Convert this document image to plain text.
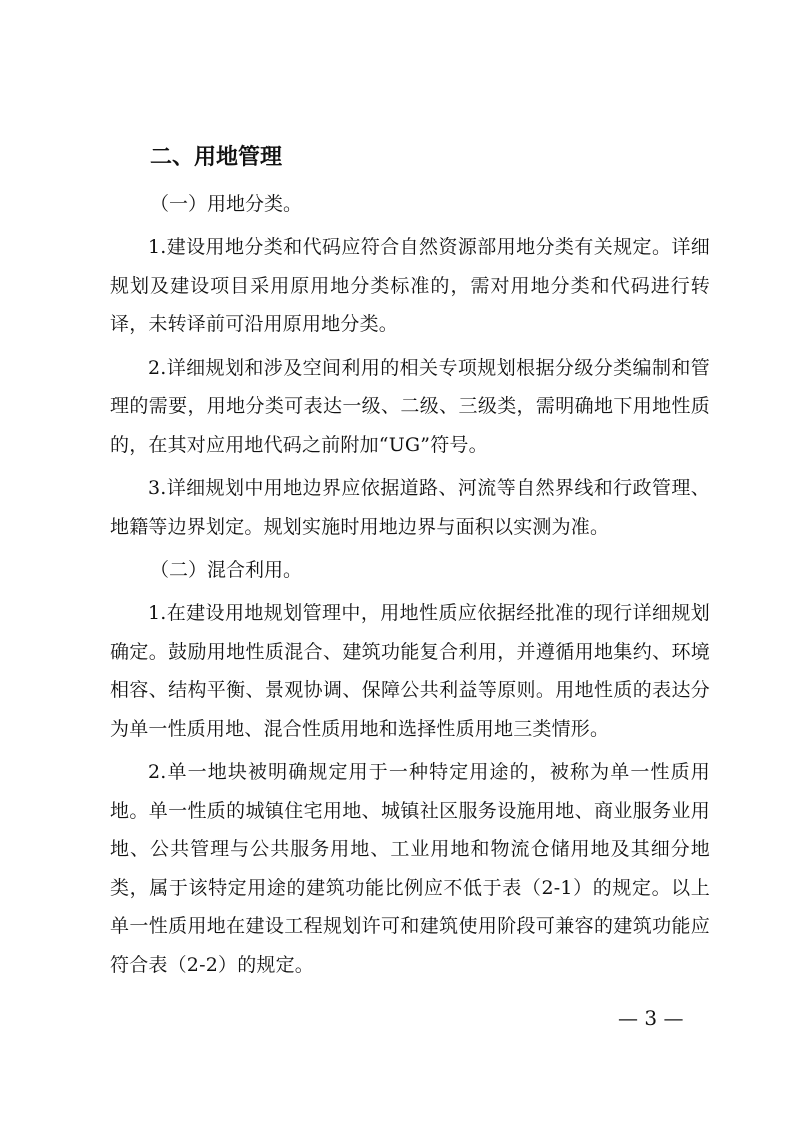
二、用地管理
（一）用地分类。

1.建设用地分类和代码应符合自然资源部用地分类有关规定。详细规划及建设项目采用原用地分类标准的，需对用地分类和代码进行转译，未转译前可沿用原用地分类。

2.详细规划和涉及空间利用的相关专项规划根据分级分类编制和管理的需要，用地分类可表达一级、二级、三级类，需明确地下用地性质的，在其对应用地代码之前附加“UG”符号。

3.详细规划中用地边界应依据道路、河流等自然界线和行政管理、地籍等边界划定。规划实施时用地边界与面积以实测为准。

（二）混合利用。

1.在建设用地规划管理中，用地性质应依据经批准的现行详细规划确定。鼓励用地性质混合、建筑功能复合利用，并遵循用地集约、环境相容、结构平衡、景观协调、保障公共利益等原则。用地性质的表达分为单一性质用地、混合性质用地和选择性质用地三类情形。

2.单一地块被明确规定用于一种特定用途的，被称为单一性质用地。单一性质的城镇住宅用地、城镇社区服务设施用地、商业服务业用地、公共管理与公共服务用地、工业用地和物流仓储用地及其细分地类，属于该特定用途的建筑功能比例应不低于表（2-1）的规定。以上单一性质用地在建设工程规划许可和建筑使用阶段可兼容的建筑功能应符合表（2-2）的规定。

— 3 —
